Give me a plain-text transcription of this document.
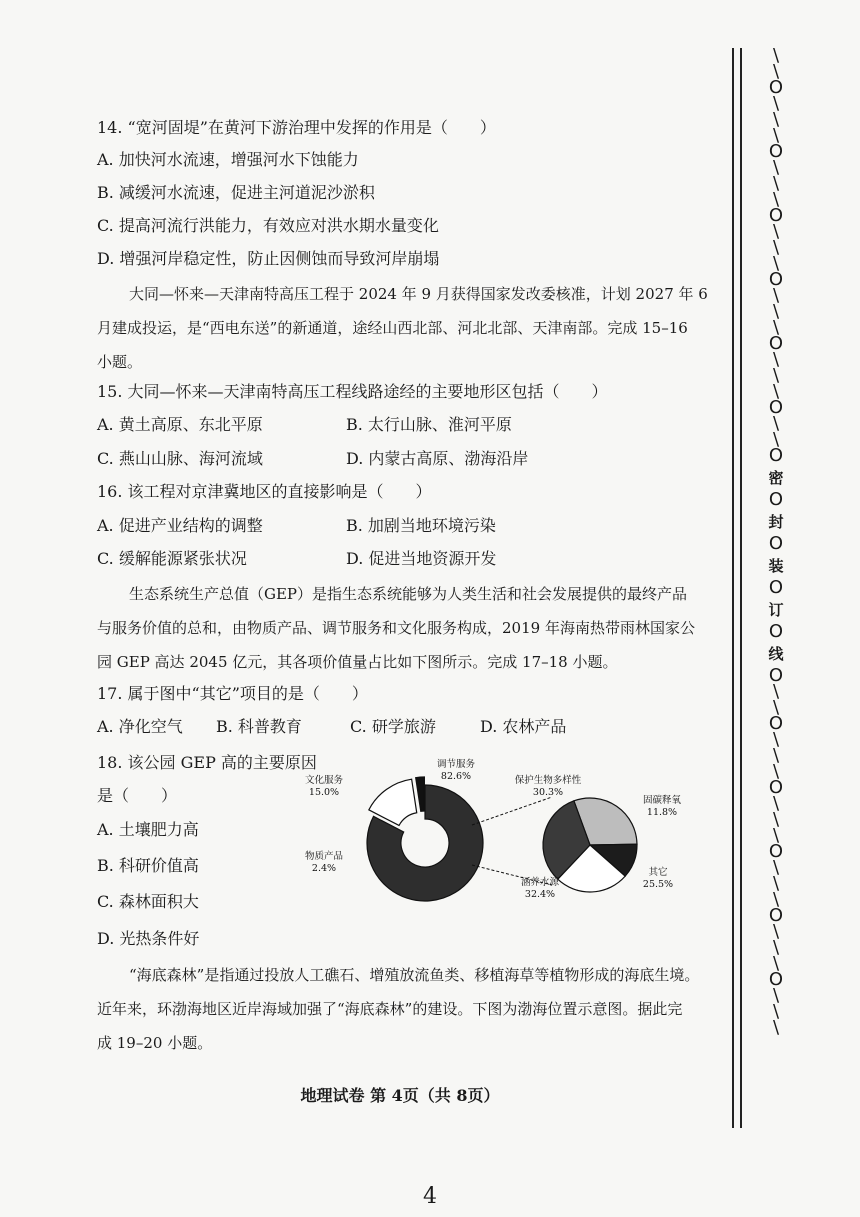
14. “宽河固堤”在黄河下游治理中发挥的作用是（　　）
A. 加快河水流速，增强河水下蚀能力
B. 减缓河水流速，促进主河道泥沙淤积
C. 提高河流行洪能力，有效应对洪水期水量变化
D. 增强河岸稳定性，防止因侧蚀而导致河岸崩塌
大同—怀来—天津南特高压工程于 2024 年 9 月获得国家发改委核准，计划 2027 年 6
月建成投运，是“西电东送”的新通道，途经山西北部、河北北部、天津南部。完成 15–16
小题。
15. 大同—怀来—天津南特高压工程线路途经的主要地形区包括（　　）
A. 黄土高原、东北平原	B. 太行山脉、淮河平原
C. 燕山山脉、海河流域	D. 内蒙古高原、渤海沿岸
16. 该工程对京津冀地区的直接影响是（　　）
A. 促进产业结构的调整	B. 加剧当地环境污染
C. 缓解能源紧张状况	D. 促进当地资源开发
生态系统生产总值（GEP）是指生态系统能够为人类生活和社会发展提供的最终产品
与服务价值的总和，由物质产品、调节服务和文化服务构成，2019 年海南热带雨林国家公
园 GEP 高达 2045 亿元，其各项价值量占比如下图所示。完成 17–18 小题。
17. 属于图中“其它”项目的是（　　）
A. 净化空气 B. 科普教育	C. 研学旅游	D. 农林产品
18. 该公园 GEP 高的主要原因
是（　　）
A. 土壤肥力高
B. 科研价值高
C. 森林面积大
D. 光热条件好
调节服务
82.6%
文化服务
15.0%
物质产品
2.4%
保护生物多样性
30.3%
固碳释氧
11.8%
其它
25.5%
涵养水源
32.4%
“海底森林”是指通过投放人工礁石、增殖放流鱼类、移植海草等植物形成的海底生境。
近年来，环渤海地区近岸海域加强了“海底森林”的建设。下图为渤海位置示意图。据此完
成 19–20 小题。
地理试卷 第 4页（共 8页）
4
\
\
O
\
\
\
O
\
\
\
O
\
\
\
O
\
\
\
O
\
\
\
O
\
\
O
密
O
封
O
装
O
订
O
线
O
\
\
O
\
\
\
O
\
\
\
O
\
\
\
O
\
\
\
O
\
\
\
